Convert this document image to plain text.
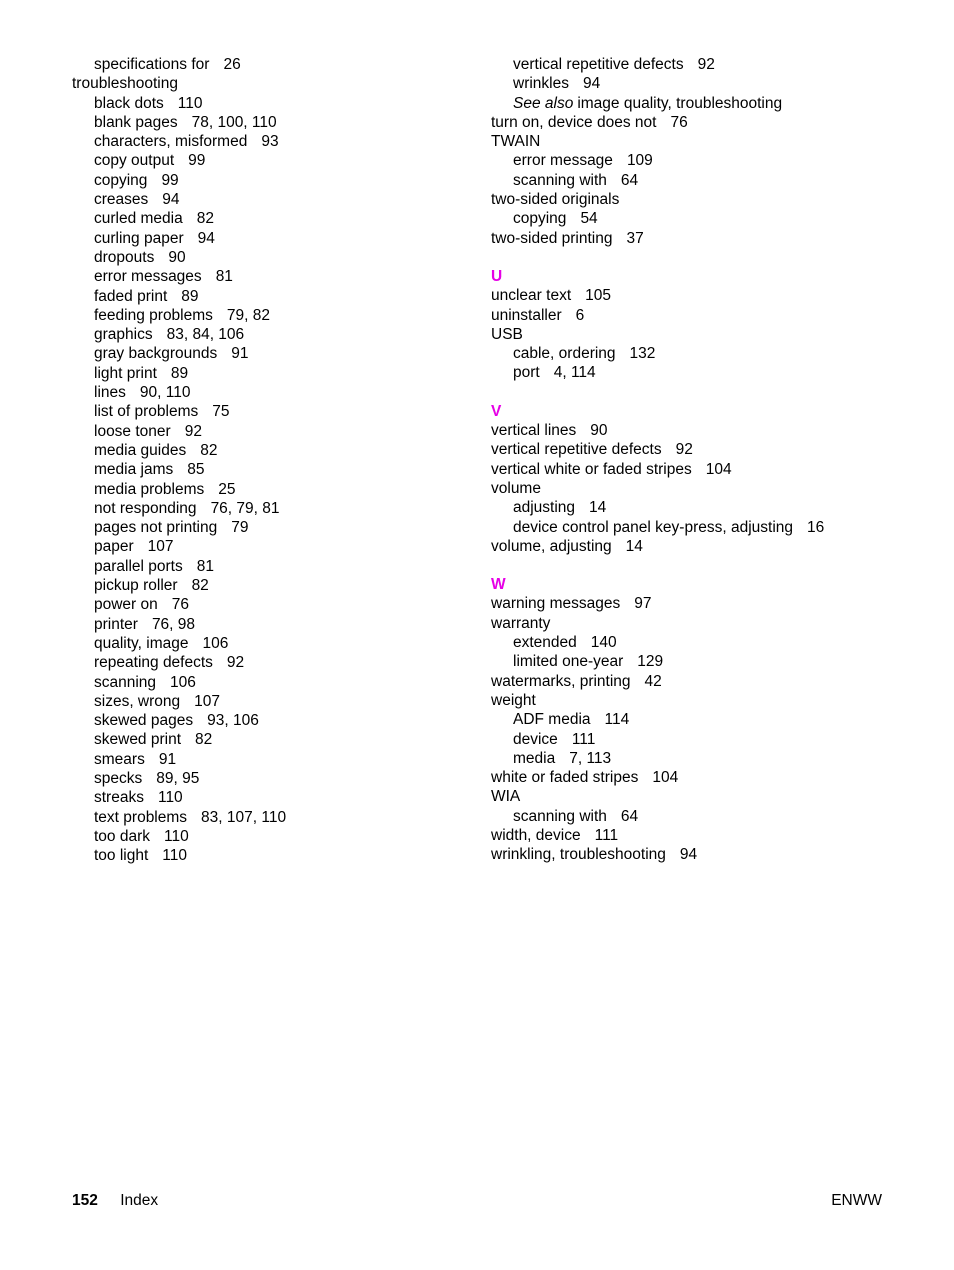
specifications for 26
troubleshooting
black dots 110
blank pages 78, 100, 110
characters, misformed 93
copy output 99
copying 99
creases 94
curled media 82
curling paper 94
dropouts 90
error messages 81
faded print 89
feeding problems 79, 82
graphics 83, 84, 106
gray backgrounds 91
light print 89
lines 90, 110
list of problems 75
loose toner 92
media guides 82
media jams 85
media problems 25
not responding 76, 79, 81
pages not printing 79
paper 107
parallel ports 81
pickup roller 82
power on 76
printer 76, 98
quality, image 106
repeating defects 92
scanning 106
sizes, wrong 107
skewed pages 93, 106
skewed print 82
smears 91
specks 89, 95
streaks 110
text problems 83, 107, 110
too dark 110
too light 110
vertical repetitive defects 92
wrinkles 94
See also image quality, troubleshooting
turn on, device does not 76
TWAIN
error message 109
scanning with 64
two-sided originals
copying 54
two-sided printing 37
U
unclear text 105
uninstaller 6
USB
cable, ordering 132
port 4, 114
V
vertical lines 90
vertical repetitive defects 92
vertical white or faded stripes 104
volume
adjusting 14
device control panel key-press, adjusting 16
volume, adjusting 14
W
warning messages 97
warranty
extended 140
limited one-year 129
watermarks, printing 42
weight
ADF media 114
device 111
media 7, 113
white or faded stripes 104
WIA
scanning with 64
width, device 111
wrinkling, troubleshooting 94
152 Index	ENWW
